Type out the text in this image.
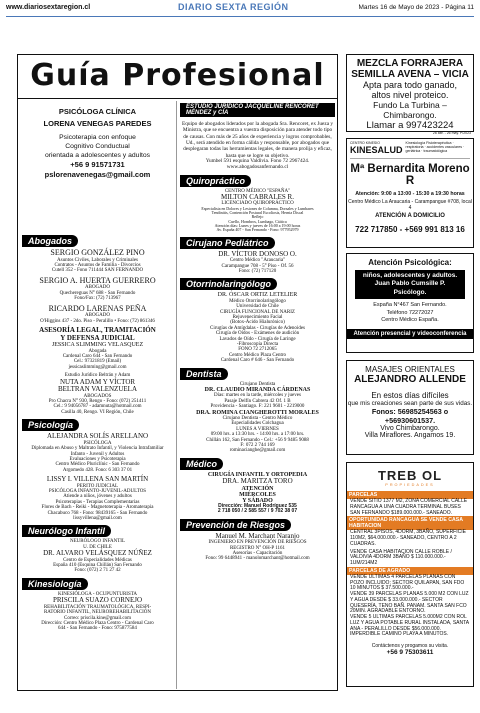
www.diariosextaregion.cl	DIARIO SEXTA REGIÓN	Martes 16 de Mayo de 2023 - Página 11
Guía Profesional
PSICÓLOGA CLÍNICA
LORENA VENEGAS PAREDES
Psicoterapia con enfoque
Cognitivo Conductual
orientada a adolescentes y adultos
+56 9 91571731
pslorenavenegas@gmail.com
Abogados
SERGIO GONZÁLEZ PINO
Asuntos Civiles, Laborales y Criminales
Contratos - Asuntos de Familia - Divorcios
Cutell 352 - Fono 711444 SAN FERNANDO
SERGIO A. HUERTA GUERRERO
ABOGADO
Quechereguas N° 688 - San Fernando
Fono/Fax: (72) 713967
RICARDO LARENAS PEÑA
ABOGADO
O'Higgins 437 - 2do. Piso - Peralillo • Fono: (72) 861346
ASESORÍA LEGAL, TRAMITACIÓN
Y DEFENSA JUDICIAL
JESSICA SLIMMING VELASQUEZ
Abogada
Cardenal Caro 644 - San Fernando
Cel.: 97321819 (Email)
jessicaslimming@gmail.com
Estudio Jurídico Beltrán y Adam
NUTA ADAM Y VÍCTOR
BELTRAN VALENZUELA
ABOGADOS
Pro Chacra N° 930, Rengo - Fono: (072) 251411
Cel.: 9 94056787 - adamnuta@hotmail.com
Casilla 40, Rengo. VI Región, Chile
Psicología
ALEJANDRA SOLÍS ARELLANO
PSICÓLOGA
Diplomada en Abuso y Maltrato Infantil, y Violencia Intrafamiliar
Infanto - Juvenil y Adultos
Evaluaciones y Psicoterapia
Centro Médico Pluriclínic - San Fernando
Argomedo 428. Fono: 6 303 37 01
LISSY I. VILLENA SAN MARTÍN
PERITO JUDICIAL
PSICÓLOGA INFANTO-JUVENIL-ADULTOS
Atiende a niños, jóvenes y adultos
Psicoterapias - Terapias Complementarias
Flores de Bach - Reiki - Magnetoterapia - Aromaterapia
Chacabuco 768 - Fono: 98439165 - San Fernando
lissyvillena@gmail.com
Neurólogo Infantil
NEURÓLOGO INFANTIL
U. DE CHILE
DR. ALVARO VELÁSQUEZ NÚÑEZ
Centro de Especialidades Médicas
España 410 (Esquina Chillán) San Fernando
Fono: (072) 2 71 27 42
Kinesiología
KINESIÓLOGA - OCUPUNTURISTA
PRISCILA SUAZO CORNEJO
REHABILITACIÓN TRAUMATOLÓGICA, RESPI-
RATORIO INFANTIL, NEUROREHABILITACIÓN
Correo: priscila.kine@gmail.com
Dirección: Centro Médico Plaza Centro - Cardenal Caro
644 - San Fernando - Fono: 975877584
ESTUDIO JURÍDICO JACQUELINE RENCORET MÉNDEZ y CÍA
Equipo de abogados liderados por la abogada Sra. Rencoret, ex Jueza y Ministra, que se encuentra a vuestra disposición para atender todo tipo de causas. Con más de 25 años de experiencia y logros comprobables, Ud., será atendido en forma cálida y responsable, por abogados que desplegaran todas las herramientas legales, de manera prolija y eficaz, hasta que se logre su objetivo.
Yumbel 591 esquina Valdivia. Fono 72 2967424.
www.abogadosanfernando.cl
Quiropráctico
CENTRO MÉDICO "ESPAÑA"
MILTON CABRALES R.
LICENCIADO QUIROPRÁCTICO
Especialista en Dolores y Lesiones de Columna, Dorsales y Lumbares
Tendinitis, Contención Postural Escoliosis, Hernia Discal
Reflejo
Cuello, Hombros, Lumbago, Ciática
Atención días: Lunes y jueves de 16:00 a 19:00 horas
Av. España 407 - San Fernando - Fono: 977952979
Cirujano Pediátrico
DR. VÍCTOR DONOSO O.
Centro Médico "Araucaria"
Carampangue 708 - 5° Piso - Of. 56
Fono: (72) 717120
Otorrinolaringólogo
DR. ÓSCAR ORTIZ LETELIER
Médico Otorrinolaringólogo
Universidad de Chile
CIRUGÍA FUNCIONAL DE NARIZ
Rejuvenecimiento Facial
(Botox-Ácido Hialurónico)
Cirugías de Amígdalas - Cirugías de Adenoides
Cirugía de Oídos - Exámenes de audición
Lavados de Oído - Cirugía de Laringe
-Fibroscopía Directa
FONO 72 2712065
Centro Médico Plaza Centro
Cardenal Caro # 646 - San Fernando
Dentista
Cirujano Dentista
DR. CLAUDIO MIRANDA CÁRDENAS
Días: martes en la tarde, miércoles y jueves
Pasaje Delfín Cabrera 42 Of. 1 B
Providencia - Santiago. F: 221 9601 - 2219000
DRA. ROMINA CIANGHEROTTI MORALES
Cirujano Dentista - Centro Médico
Especialidades Colchagua
LUNES A VIERNES
09:00 hrs. a 13:30 hrs. - 14:00 hrs. a 17:00 hrs.
Chillán 162, San Fernando - Cel.: +56 9 9485 9088
F: 072 2 744 169
rominacianghe@gmail.com
Médico
CIRUGÍA INFANTIL Y ORTOPEDIA
DRA. MARITZA TORO
ATENCIÓN
MIÉRCOLES
Y SÁBADO
Dirección: Manuel Rodríguez 535
2 718 050 / 2 585 557 / 9 702 38 07
Prevención de Riesgos
Manuel M. Marchant Naranjo
INGENIERO EN PREVENCIÓN DE RIESGOS
REGISTRO N° OH-P 1161
Asesorías - Capacitación
Fono: 99 6448941 - manolomarchant@hotmail.com
MEZCLA FORRAJERA
SEMILLA AVENA – VICIA
Apta para todo ganado,
altos nivel proteico.
Fundo La Turbina –Chimbarongo.
Llamar a 997423224
26 abr. - 26 may. P/2023
CENTRO KINESIO
KINESALUD
Kinesiología Fisioterapéutica · respiratoria · accidentes vasculares · geriátrica · traumatológica
Mª Bernardita Moreno R
Atención: 9:00 a 13:00 - 15:30 a 19:30 horas
Centro Médico La Araucaria - Carampangue #708, local 4
ATENCIÓN A DOMICILIO
722 717850 - +569 991 813 16
Atención Psicológica:
niños, adolescentes y adultos.
Juan Pablo Cumsille P.
Psicólogo.
España N°467 San Fernando.
Teléfono 72272027
Centro Médico España.
Atención presencial y videoconferencia
MASAJES ORIENTALES
ALEJANDRO ALLENDE
En estos días difíciles
que mis creaciones sean parte de sus vidas.
Fonos: 56985254563 o +56930601537.
Vivo Chimbarongo.
Villa Miraflores. Angamos 19.
TREB OL
PROPIEDADES
PARCELAS

VENDE SITIO 1377 M2, ZONA COMERCIAL CALLE RANCAGUA A UNA CUADRA TERMINAL BUSES SAN FERNANDO $189.000.000.- SANEADO.

OPORTUNIDAD RANCAGUA SE VENDE CASA HABITACION

CENTRAL 3PISOS, 4DORM, 3BAÑO, SUPERFICIE 110M2, $64.000.000.- SANEADO, CENTRO A 2 CUADRAS.

VENDE CASA HABITACION CALLE ROBLE / VALDIVIA 4DORM 3BAÑO $ 110.000.000.- 1UM/214M2

PARCELAS DE AGRADO

VENDE ULTIMAS 4 PARCELAS PLANAS CON POZO INCLUIDO; SECTOR QUILAPAN, SAN FDO 10 MINUTOS $ 37.500.000.-

VENDE 39 PARCELAS PLANAS 5.000 M2 CON LUZ Y AGUA DESDE $ 33.000.000.- SECTOR QUESERÍA, TENO BAÑ. PANAM. SANTA SAN FCO 20MIN. AGRADABLE ENTORNO.

VENDE 5 ULTIMAS PARCELAS 5.000M2 CON ROL LUZ Y AGUA POTABLE RURAL INSTALADA, SANTA ANA - PERALILLO DESDE $56.000.000. IMPERDIBLE CAMINO PLAYA A MINUTOS.

Contáctenos y progamos su visita.
+56 9 75303611
